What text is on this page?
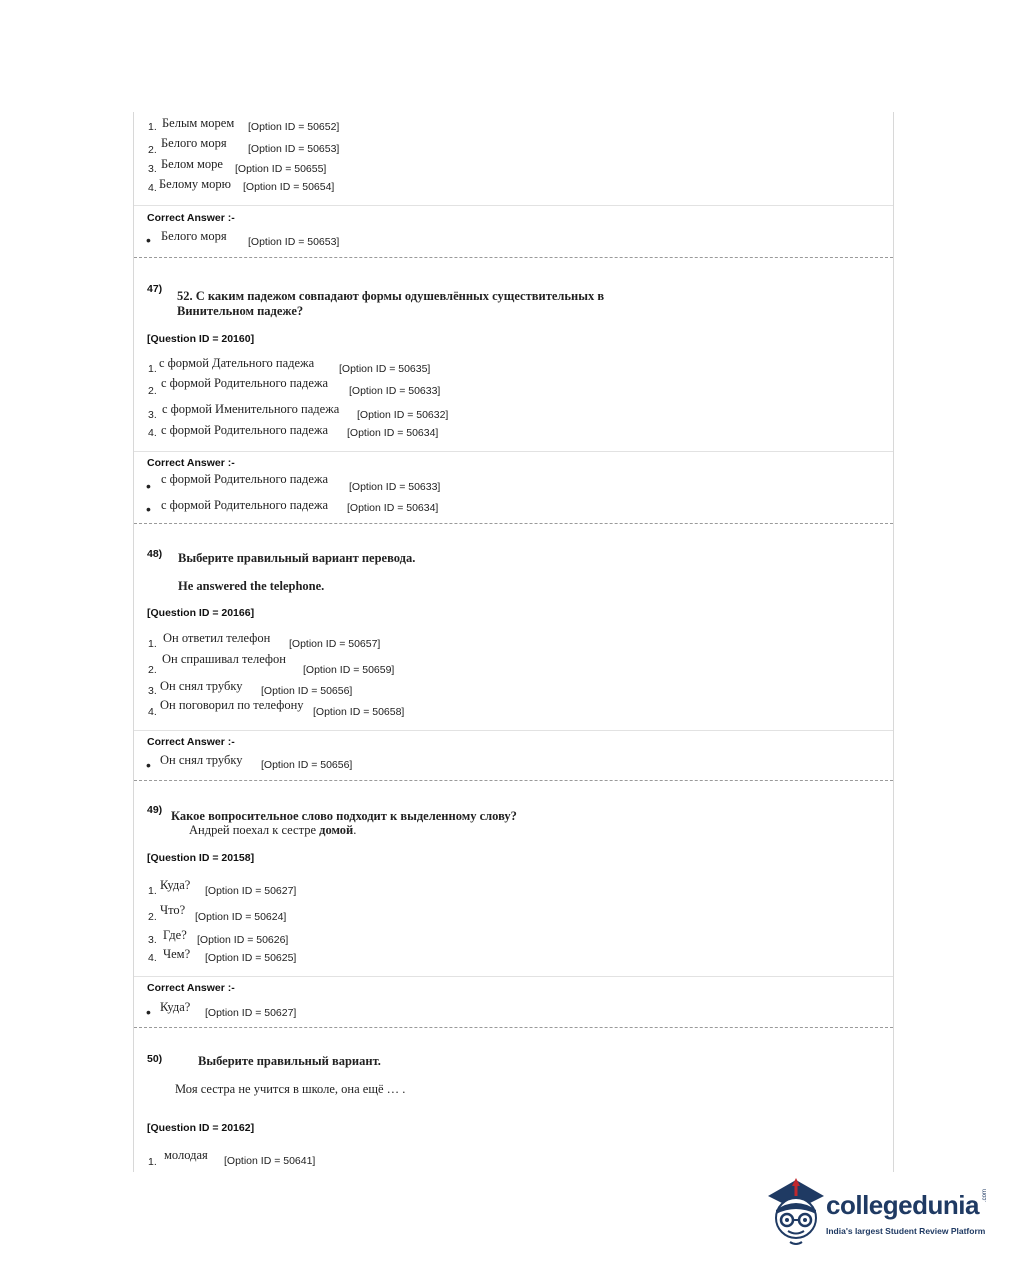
1. Белым морем [Option ID = 50652]
2. Белого моря [Option ID = 50653]
3. Белом море [Option ID = 50655]
4. Белому морю [Option ID = 50654]
Correct Answer :-
• Белого моря [Option ID = 50653]
47) 52. С каким падежом совпадают формы одушевлённых существительных в
Винительном падеже?
[Question ID = 20160]
1. с формой Дательного падежа [Option ID = 50635]
2.
с формой Родительного падежа
[Option ID = 50633]
3. с формой Именительного падежа [Option ID = 50632]
4. с формой Родительного падежа [Option ID = 50634]
Correct Answer :-
• с формой Родительного падежа
[Option ID = 50633]
• с формой Родительного падежа [Option ID = 50634]
48) Выберите правильный вариант перевода.
He answered the telephone.
[Question ID = 20166]
1. Он ответил телефон [Option ID = 50657]
2.
Он спрашивал телефон
[Option ID = 50659]
3. Он снял трубку [Option ID = 50656]
4. Он поговорил по телефону [Option ID = 50658]
Correct Answer :-
• Он снял трубку [Option ID = 50656]
49) Какое вопросительное слово подходит к выделенному слову?
Андрей поехал к сестре домой.
[Question ID = 20158]
1. Куда? [Option ID = 50627]
2. Что? [Option ID = 50624]
3. Где? [Option ID = 50626]
4. Чем? [Option ID = 50625]
Correct Answer :-
• Куда? [Option ID = 50627]
50)	Выберите правильный вариант.
Моя сестра не учится в школе, она ещё … .
[Question ID = 20162]
1. молодая [Option ID = 50641]
collegedunia .com
India's largest Student Review Platform
